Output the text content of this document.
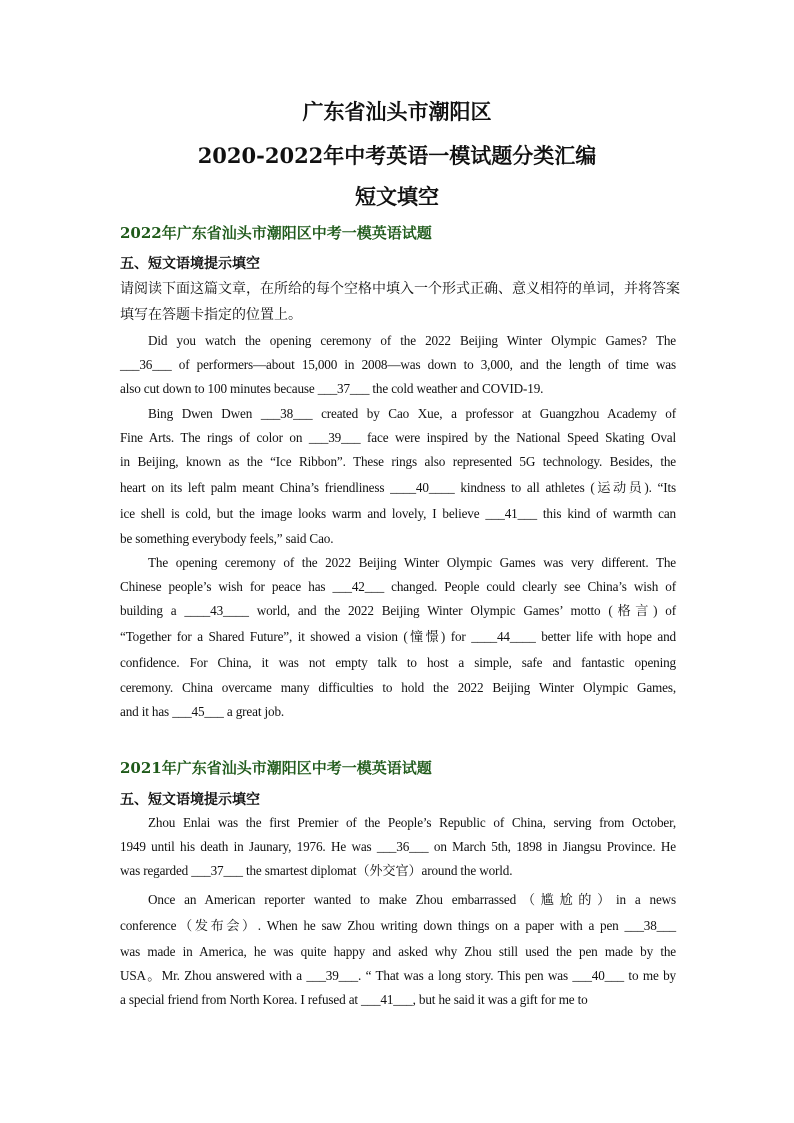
广东省汕头市潮阳区
2020-2022年中考英语一模试题分类汇编
短文填空
2022年广东省汕头市潮阳区中考一模英语试题
五、短文语境提示填空
请阅读下面这篇文章，在所给的每个空格中填入一个形式正确、意义相符的单词，并将答案填写在答题卡指定的位置上。
Did you watch the opening ceremony of the 2022 Beijing Winter Olympic Games? The
___36___ of performers—about 15,000 in 2008—was down to 3,000, and the length of time was
also cut down to 100 minutes because ___37___ the cold weather and COVID-19.
Bing Dwen Dwen ___38___ created by Cao Xue, a professor at Guangzhou Academy of
Fine Arts. The rings of color on ___39___ face were inspired by the National Speed Skating Oval
in Beijing, known as the “Ice Ribbon”. These rings also represented 5G technology. Besides, the
heart on its left palm meant China’s friendliness ____40____ kindness to all athletes (运动员). “Its
ice shell is cold, but the image looks warm and lovely, I believe ___41___ this kind of warmth can
be something everybody feels,” said Cao.
The opening ceremony of the 2022 Beijing Winter Olympic Games was very different. The
Chinese people’s wish for peace has ___42___ changed. People could clearly see China’s wish of
building a ____43____ world, and the 2022 Beijing Winter Olympic Games’ motto (格言) of
“Together for a Shared Future”, it showed a vision (憧憬) for ____44____ better life with hope and
confidence. For China, it was not empty talk to host a simple, safe and fantastic opening
ceremony. China overcame many difficulties to hold the 2022 Beijing Winter Olympic Games,
and it has ___45___ a great job.
2021年广东省汕头市潮阳区中考一模英语试题
五、短文语境提示填空
Zhou Enlai was the first Premier of the People’s Republic of China, serving from October,
1949 until his death in Jaunary, 1976. He was ___36___ on March 5th, 1898 in Jiangsu Province. He
was regarded ___37___ the smartest diplomat（外交官）around the world.
Once an American reporter wanted to make Zhou embarrassed（尴尬的）in a news
conference（发布会）. When he saw Zhou writing down things on a paper with a pen ___38___
was made in America, he was quite happy and asked why Zhou still used the pen made by the
USA。Mr. Zhou answered with a ___39___. “ That was a long story. This pen was ___40___ to me by
a special friend from North Korea. I refused at ___41___, but he said it was a gift for me to
